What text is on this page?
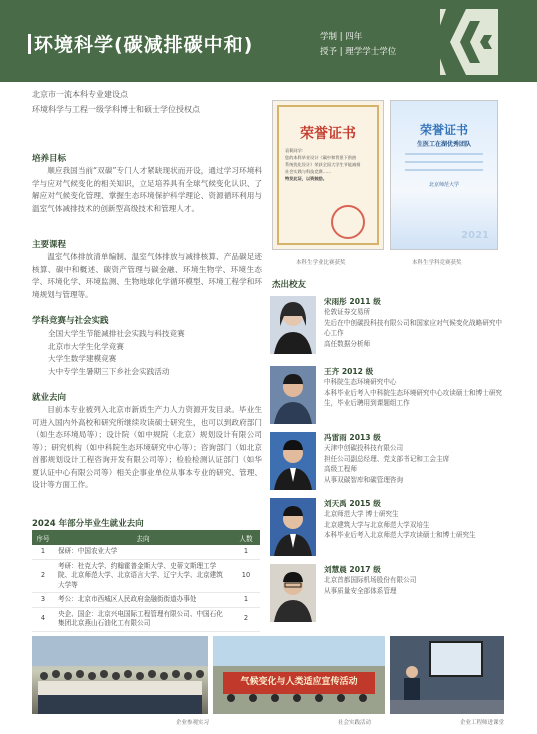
环境科学(碳减排碳中和)	学制 | 四年
授予 | 理学学士学位
北京市一流本科专业建设点
环境科学与工程一级学科博士和硕士学位授权点
培养目标
顺应我国当前“双碳”专门人才紧缺现状而开设，通过学习环境科学与应对气候变化的相关知识，立足培养具有全球气候变化认识、了解应对气候变化管理、掌握生态环境保护科学理论、资源循环利用与温室气体减排技术的创新型高级技术和管理人才。
主要课程
温室气体排放清单编制、温室气体排放与减排核算、产品碳足迹核算、碳中和概述、碳资产管理与碳金融、环境生物学、环境生态学、环境化学、环境监测、生物地球化学循环模型、环境工程学和环境规划与管理等。
学科竞赛与社会实践
全国大学生节能减排社会实践与科技竞赛
北京市大学生化学竞赛
大学生数学建模竞赛
大中专学生暑期三下乡社会实践活动
就业去向
目前本专业被列入北京市新质生产力人力资源开发目录。毕业生可进入国内外高校和研究所继续攻读硕士研究生，也可以到政府部门（如生态环境局等）；设计院（如中规院（北京）规划设计有限公司等）；研究机构（如中科院生态环境研究中心等）；咨询部门（如北京首都规划设计工程咨询开发有限公司等）；检验检测认证部门（如华夏认证中心有限公司等）相关企事业单位从事本专业的研究、管理、设计等方面工作。
2024 年部分毕业生就业去向
序号	去向	人数
1	保研：中国农业大学	1
2	考研：杜克大学、约翰霍普金斯大学、史蒂文斯理工学院、北京师范大学、北京语言大学、辽宁大学、北京建筑大学等	10
3	考公：北京市西城区人民政府金融街街道办事处	1
4	央企、国企：北京兴电国际工程管理有限公司、中国石化集团北京燕山石油化工有限公司	2
荣誉证书
袁莉同学：
您的本科毕业设计《碳中和背景下供热
系统优化设计》荣获全国大学生节能减排
社会实践与科技竞赛……
特发此证，以资鼓励。
本科生学业比赛获奖
荣誉证书
生医工在湖优秀团队
北京师范大学
2021
本科生学科竞赛获奖
杰出校友
宋雨彤 2011 级
伦敦证券交易所
先后在中创碳投科技有限公司和国家应对气候变化战略研究中心工作
高任数据分析师
王齐 2012 级
中科院生态环境研究中心
本科毕业后考入中科院生态环境研究中心攻读硕士和博士研究生，毕业后聘用到课题组工作
冯雷雨 2013 级
天津中创碳投科技有限公司
担任公司副总经理、党支部书记和工会主席
高级工程师
从事双碳智库和碳管理咨询
刘天禹 2015 级
北京师范大学 博士研究生
北京建筑大学与北京师范大学双培生
本科毕业后考入北京师范大学攻读硕士和博士研究生
刘慧晨 2017 级
北京首都国际机场股份有限公司
从事质量安全部体系管理
企业参观实习
气候变化与人类适应宣传活动
社会实践活动	企业工程师进课堂
